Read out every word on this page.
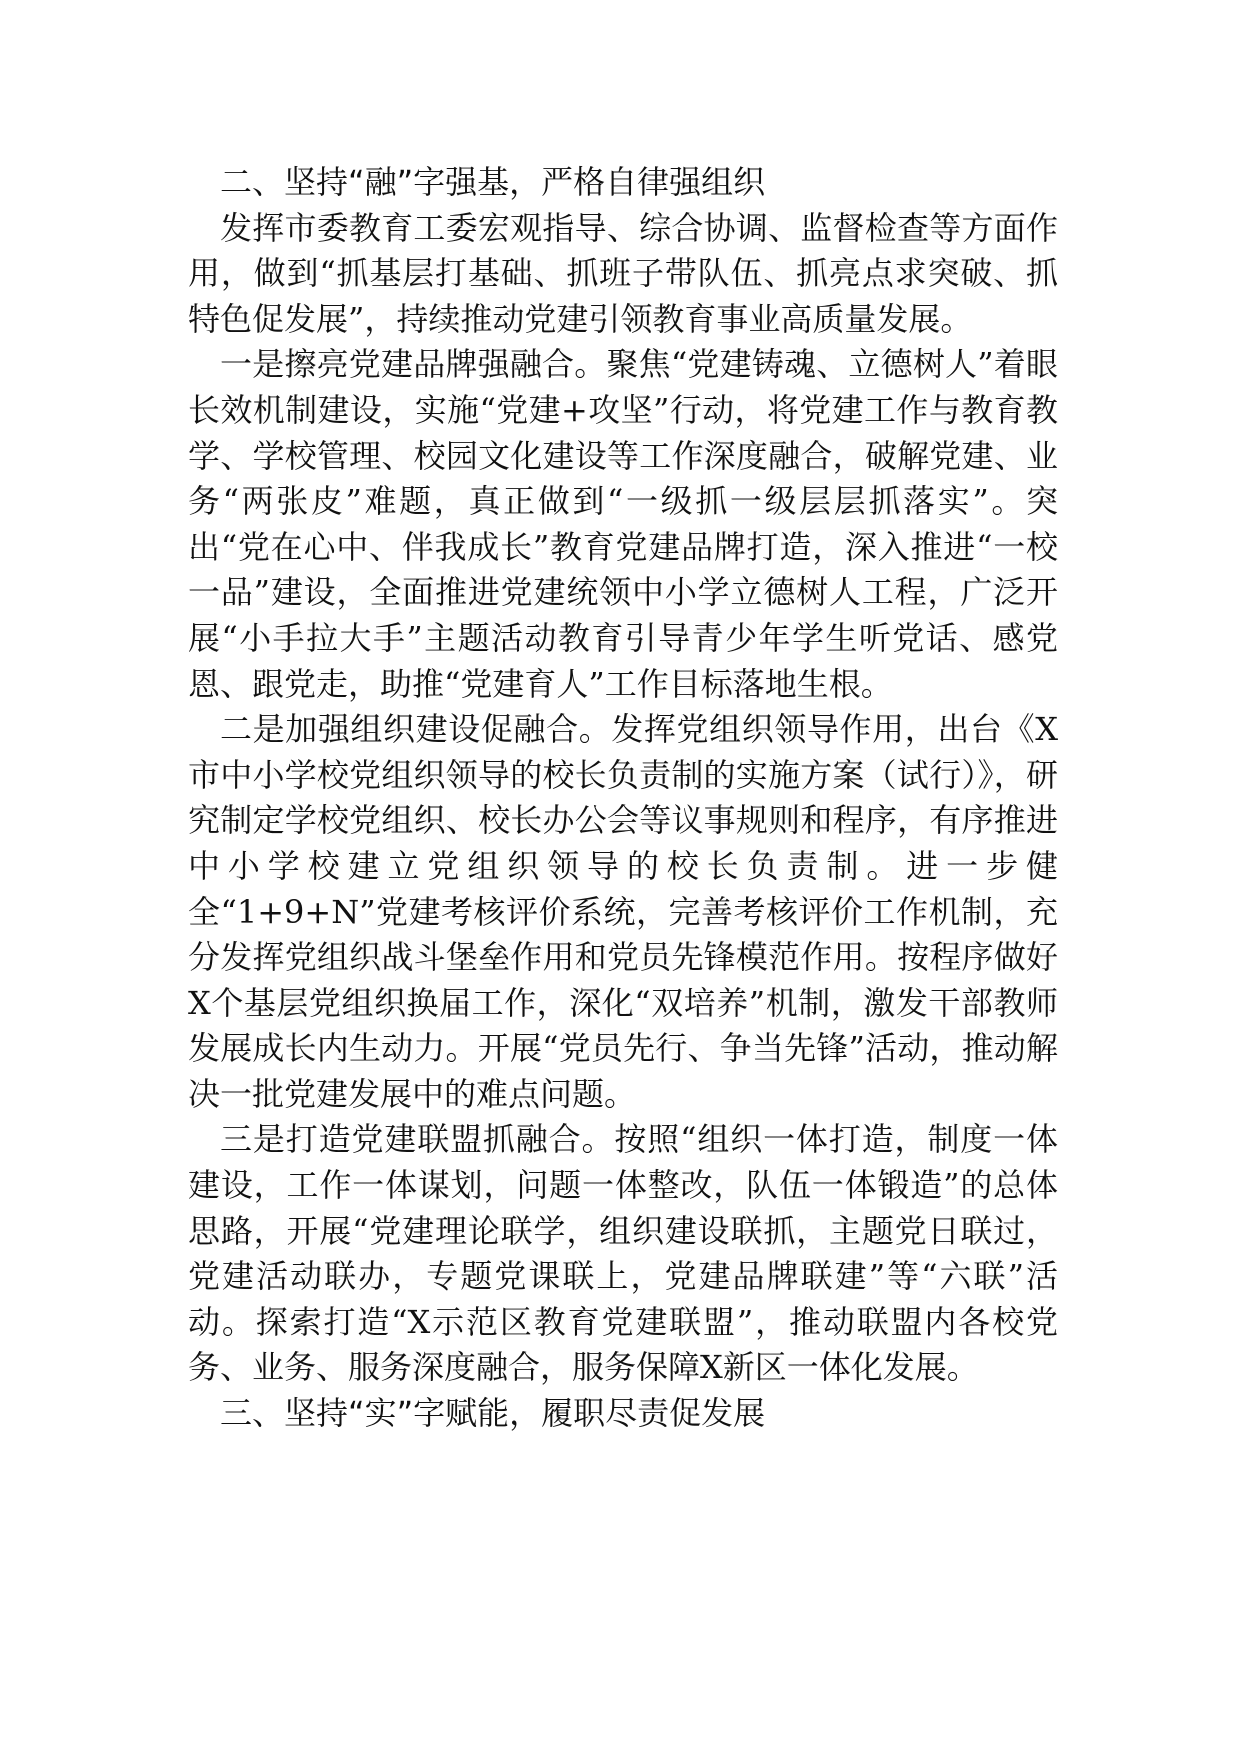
二、坚持“融”字强基，严格自律强组织

发挥市委教育工委宏观指导、综合协调、监督检查等方面作用，做到“抓基层打基础、抓班子带队伍、抓亮点求突破、抓特色促发展”，持续推动党建引领教育事业高质量发展。

一是擦亮党建品牌强融合。聚焦“党建铸魂、立德树人”着眼长效机制建设，实施“党建+攻坚”行动，将党建工作与教育教学、学校管理、校园文化建设等工作深度融合，破解党建、业务“两张皮”难题，真正做到“一级抓一级层层抓落实”。突出“党在心中、伴我成长”教育党建品牌打造，深入推进“一校一品”建设，全面推进党建统领中小学立德树人工程，广泛开展“小手拉大手”主题活动教育引导青少年学生听党话、感党恩、跟党走，助推“党建育人”工作目标落地生根。

二是加强组织建设促融合。发挥党组织领导作用，出台《X市中小学校党组织领导的校长负责制的实施方案（试行）》，研究制定学校党组织、校长办公会等议事规则和程序，有序推进中小学校建立党组织领导的校长负责制。进一步健全“1+9+N”党建考核评价系统，完善考核评价工作机制，充分发挥党组织战斗堡垒作用和党员先锋模范作用。按程序做好X个基层党组织换届工作，深化“双培养”机制，激发干部教师发展成长内生动力。开展“党员先行、争当先锋”活动，推动解决一批党建发展中的难点问题。

三是打造党建联盟抓融合。按照“组织一体打造，制度一体建设，工作一体谋划，问题一体整改，队伍一体锻造”的总体思路，开展“党建理论联学，组织建设联抓，主题党日联过，党建活动联办，专题党课联上，党建品牌联建”等“六联”活动。探索打造“X示范区教育党建联盟”，推动联盟内各校党务、业务、服务深度融合，服务保障X新区一体化发展。

三、坚持“实”字赋能，履职尽责促发展
